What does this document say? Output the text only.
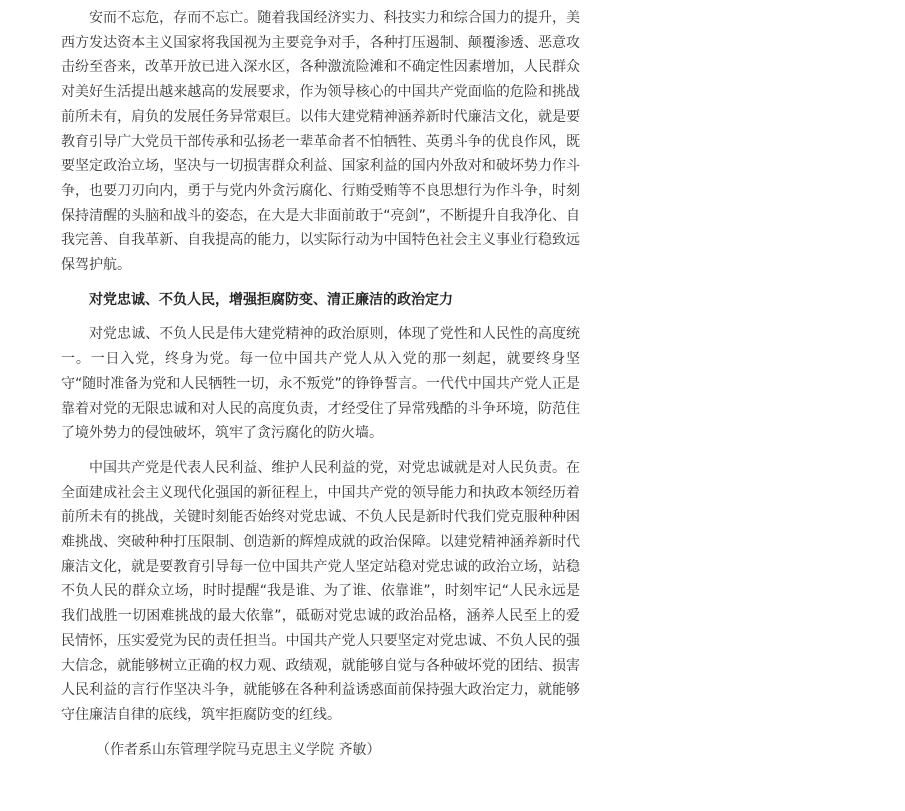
安而不忘危，存而不忘亡。随着我国经济实力、科技实力和综合国力的提升，美西方发达资本主义国家将我国视为主要竞争对手，各种打压遏制、颠覆渗透、恶意攻击纷至沓来，改革开放已进入深水区，各种激流险滩和不确定性因素增加，人民群众对美好生活提出越来越高的发展要求，作为领导核心的中国共产党面临的危险和挑战前所未有，肩负的发展任务异常艰巨。以伟大建党精神涵养新时代廉洁文化，就是要教育引导广大党员干部传承和弘扬老一辈革命者不怕牺牲、英勇斗争的优良作风，既要坚定政治立场，坚决与一切损害群众利益、国家利益的国内外敌对和破坏势力作斗争，也要刀刃向内，勇于与党内外贪污腐化、行贿受贿等不良思想行为作斗争，时刻保持清醒的头脑和战斗的姿态，在大是大非面前敢于“亮剑”，不断提升自我净化、自我完善、自我革新、自我提高的能力，以实际行动为中国特色社会主义事业行稳致远保驾护航。

对党忠诚、不负人民，增强拒腐防变、清正廉洁的政治定力

对党忠诚、不负人民是伟大建党精神的政治原则，体现了党性和人民性的高度统一。一日入党，终身为党。每一位中国共产党人从入党的那一刻起，就要终身坚守“随时准备为党和人民牺牲一切，永不叛党”的铮铮誓言。一代代中国共产党人正是靠着对党的无限忠诚和对人民的高度负责，才经受住了异常残酷的斗争环境，防范住了境外势力的侵蚀破坏，筑牢了贪污腐化的防火墙。

中国共产党是代表人民利益、维护人民利益的党，对党忠诚就是对人民负责。在全面建成社会主义现代化强国的新征程上，中国共产党的领导能力和执政本领经历着前所未有的挑战，关键时刻能否始终对党忠诚、不负人民是新时代我们党克服种种困难挑战、突破种种打压限制、创造新的辉煌成就的政治保障。以建党精神涵养新时代廉洁文化，就是要教育引导每一位中国共产党人坚定站稳对党忠诚的政治立场，站稳不负人民的群众立场，时时提醒“我是谁、为了谁、依靠谁”，时刻牢记“人民永远是我们战胜一切困难挑战的最大依靠”，砥砺对党忠诚的政治品格，涵养人民至上的爱民情怀，压实爱党为民的责任担当。中国共产党人只要坚定对党忠诚、不负人民的强大信念，就能够树立正确的权力观、政绩观，就能够自觉与各种破坏党的团结、损害人民利益的言行作坚决斗争，就能够在各种利益诱惑面前保持强大政治定力，就能够守住廉洁自律的底线，筑牢拒腐防变的红线。

（作者系山东管理学院马克思主义学院 齐敏）
